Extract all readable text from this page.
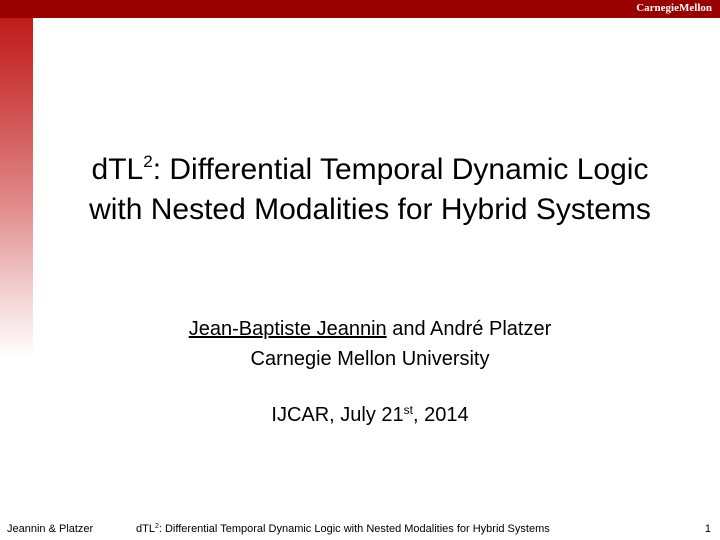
CarnegieMellon
dTL$^2$: Differential Temporal Dynamic Logic
with Nested Modalities for Hybrid Systems
Jean-Baptiste Jeannin and André Platzer
Carnegie Mellon University
IJCAR, July 21st, 2014
Jeannin & Platzer	dTL$^2$: Differential Temporal Dynamic Logic with Nested Modalities for Hybrid Systems	1
